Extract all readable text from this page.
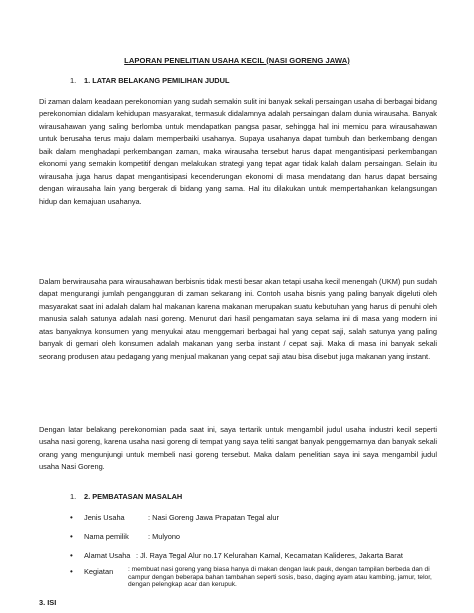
LAPORAN PENELITIAN USAHA KECIL (NASI GORENG JAWA)
1. 1. LATAR BELAKANG PEMILIHAN JUDUL

Di zaman dalam keadaan perekonomian yang sudah semakin sulit ini banyak sekali persaingan usaha di berbagai bidang perekonomian didalam kehidupan masyarakat, termasuk didalamnya adalah persaingan dalam dunia wirausaha. Banyak wirausahawan yang saling berlomba untuk mendapatkan pangsa pasar, sehingga hal ini memicu para wirausahawan untuk berusaha terus maju dalam memperbaiki usahanya. Supaya usahanya dapat tumbuh dan berkembang dengan baik dalam menghadapi perkembangan zaman, maka wirausaha tersebut harus dapat mengantisipasi perkembangan ekonomi yang semakin kompetitif dengan melakukan strategi yang tepat agar tidak kalah dalam persaingan. Selain itu wirausaha juga harus dapat mengantisipasi kecenderungan ekonomi di masa mendatang dan harus dapat bersaing dengan wirausaha lain yang bergerak di bidang yang sama. Hal itu dilakukan untuk mempertahankan kelangsungan hidup dan kemajuan usahanya.

Dalam berwirausaha para wirausahawan berbisnis tidak mesti besar akan tetapi usaha kecil menengah (UKM) pun sudah dapat mengurangi jumlah pengangguran di zaman sekarang ini. Contoh usaha bisnis yang paling banyak digeluti oleh masyarakat saat ini adalah dalam hal makanan karena makanan merupakan suatu kebutuhan yang harus di penuhi oleh manusia salah satunya adalah nasi goreng. Menurut dari hasil pengamatan saya selama ini di masa yang modern ini atas banyaknya konsumen yang menyukai atau menggemari berbagai hal yang cepat saji, salah satunya yang paling banyak di gemari oleh konsumen adalah makanan yang serba instant / cepat saji. Maka di masa ini banyak sekali seorang produsen atau pedagang yang menjual makanan yang cepat saji atau bisa disebut juga makanan yang instant.

Dengan latar belakang perekonomian pada saat ini, saya tertarik untuk mengambil judul usaha industri kecil seperti usaha nasi goreng, karena usaha nasi goreng di tempat yang saya teliti sangat banyak penggemarnya dan banyak sekali orang yang mengunjungi untuk membeli nasi goreng tersebut. Maka dalam penelitian saya ini saya mengambil judul usaha Nasi Goreng.

1. 2. PEMBATASAN MASALAH
•	Jenis Usaha	: Nasi Goreng Jawa Prapatan Tegal alur
•	Nama pemilik	: Mulyono
•	Alamat Usaha : Jl. Raya Tegal Alur no.17 Kelurahan Kamal, Kecamatan Kalideres, Jakarta Barat
•	Kegiatan : membuat nasi goreng yang biasa hanya di makan dengan lauk pauk, dengan tampilan berbeda dan di campur dengan beberapa bahan tambahan seperti sosis, baso, daging ayam atau kambing, jamur, telor, dengan pelengkap acar dan kerupuk.
3. ISI
